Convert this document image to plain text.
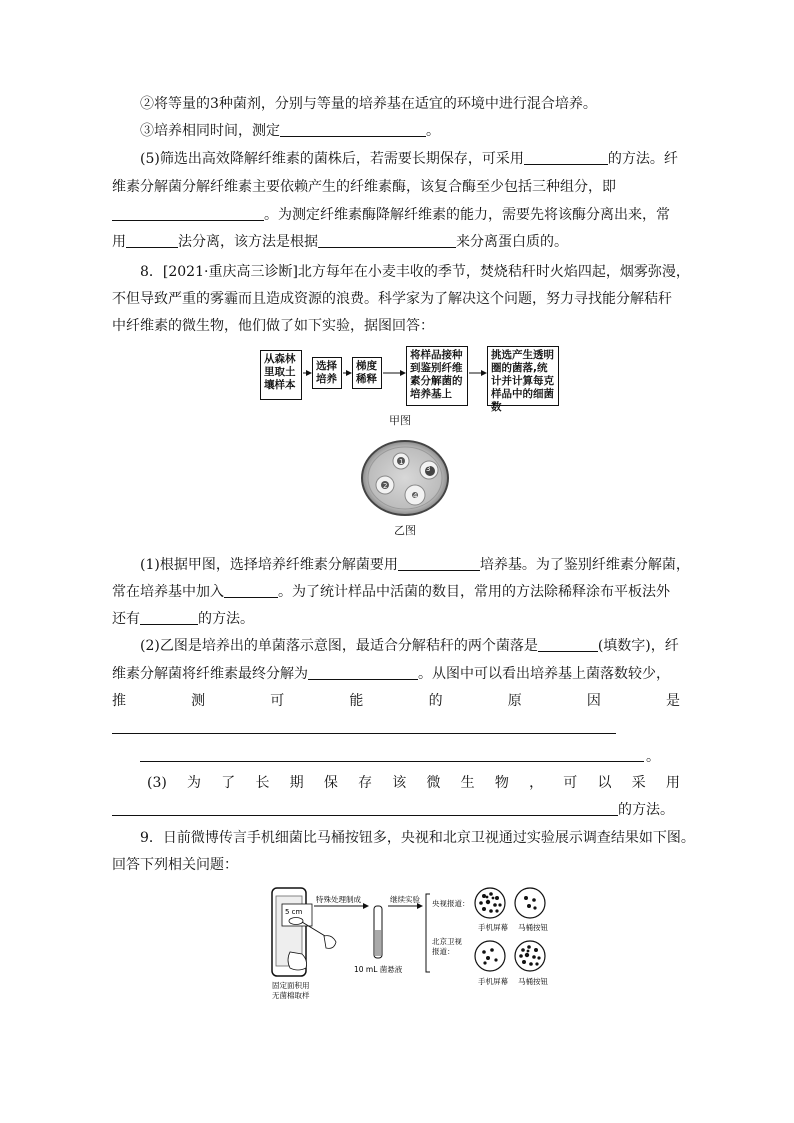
②将等量的3种菌剂，分别与等量的培养基在适宜的环境中进行混合培养。
③培养相同时间，测定	。
(5)筛选出高效降解纤维素的菌株后，若需要长期保存，可采用	的方法。纤
维素分解菌分解纤维素主要依赖产生的纤维素酶，该复合酶至少包括三种组分，即
。为测定纤维素酶降解纤维素的能力，需要先将该酶分离出来，常
用	法分离，该方法是根据	来分离蛋白质的。
8．[2021·重庆高三诊断]北方每年在小麦丰收的季节，焚烧秸秆时火焰四起，烟雾弥漫，
不但导致严重的雾霾而且造成资源的浪费。科学家为了解决这个问题，努力寻找能分解秸秆
中纤维素的微生物，他们做了如下实验，据图回答：
从森林里取土壤样本
选择培养
梯度稀释
将样品接种到鉴别纤维素分解菌的培养基上
挑选产生透明圈的菌落,统计并计算每克样品中的细菌数
甲图
1
2
3
4
乙图
(1)根据甲图，选择培养纤维素分解菌要用	培养基。为了鉴别纤维素分解菌，
常在培养基中加入	。为了统计样品中活菌的数目，常用的方法除稀释涂布平板法外
还有	的方法。
(2)乙图是培养出的单菌落示意图，最适合分解秸秆的两个菌落是	(填数字)，纤
维素分解菌将纤维素最终分解为	。从图中可以看出培养基上菌落数较少，
推	测	可	能	的	原	因	是
。
(3) 为 了 长 期 保 存 该 微 生 物 ， 可 以 采 用
的方法。
9．日前微博传言手机细菌比马桶按钮多，央视和北京卫视通过实验展示调查结果如下图。
回答下列相关问题：
5 cm
固定面积用
无菌棉取样
特殊处理制成
10 mL 菌悬液
继续实验 央视报道：
北京卫视
报道：
手机屏幕 马桶按钮
手机屏幕 马桶按钮
